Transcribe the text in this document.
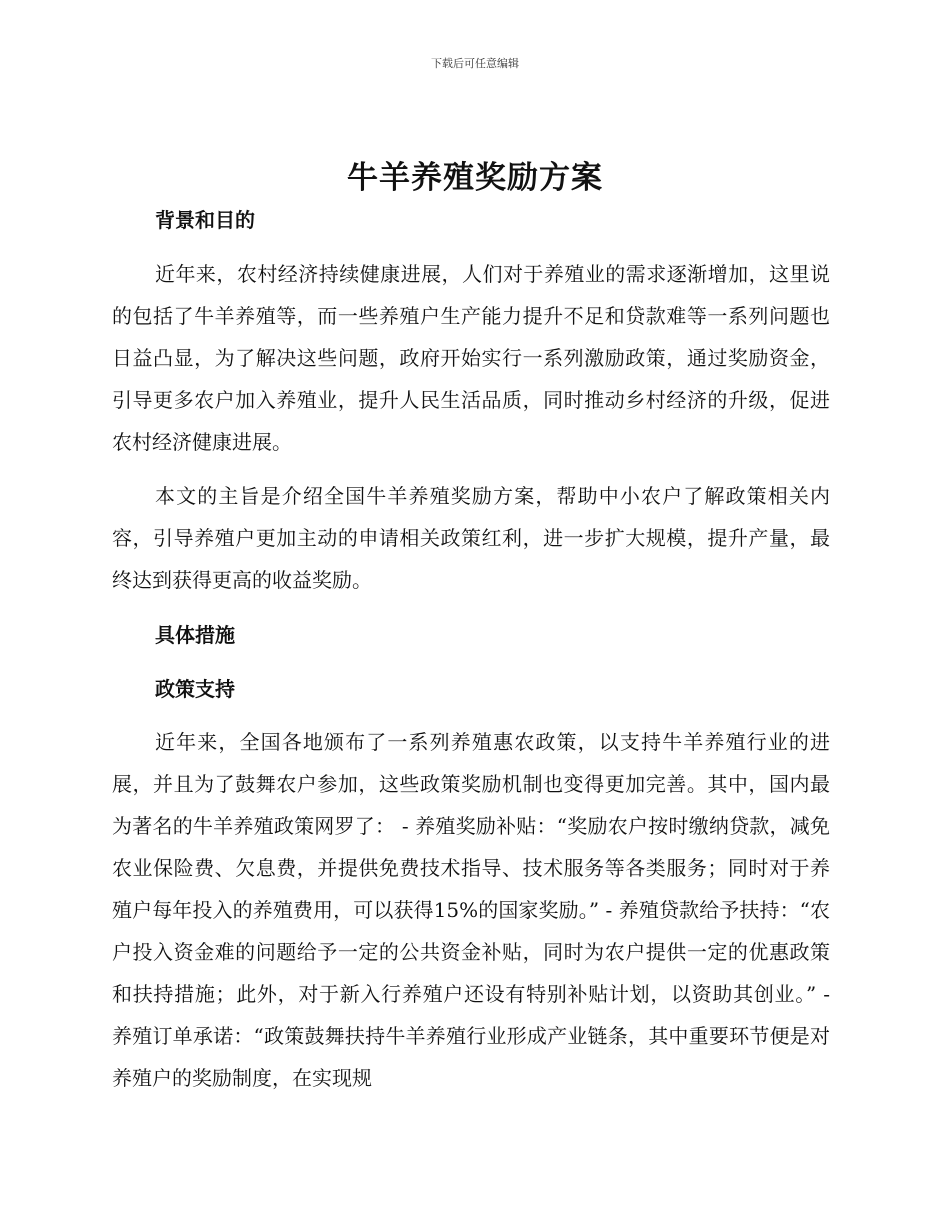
下载后可任意编辑
牛羊养殖奖励方案
背景和目的

近年来，农村经济持续健康进展，人们对于养殖业的需求逐渐增加，这里说的包括了牛羊养殖等，而一些养殖户生产能力提升不足和贷款难等一系列问题也日益凸显，为了解决这些问题，政府开始实行一系列激励政策，通过奖励资金，引导更多农户加入养殖业，提升人民生活品质，同时推动乡村经济的升级，促进农村经济健康进展。

本文的主旨是介绍全国牛羊养殖奖励方案，帮助中小农户了解政策相关内容，引导养殖户更加主动的申请相关政策红利，进一步扩大规模，提升产量，最终达到获得更高的收益奖励。

具体措施
政策支持

近年来，全国各地颁布了一系列养殖惠农政策，以支持牛羊养殖行业的进展，并且为了鼓舞农户参加，这些政策奖励机制也变得更加完善。其中，国内最为著名的牛羊养殖政策网罗了： - 养殖奖励补贴：“奖励农户按时缴纳贷款，减免农业保险费、欠息费，并提供免费技术指导、技术服务等各类服务；同时对于养殖户每年投入的养殖费用，可以获得15%的国家奖励。” - 养殖贷款给予扶持：“农户投入资金难的问题给予一定的公共资金补贴，同时为农户提供一定的优惠政策和扶持措施；此外，对于新入行养殖户还设有特别补贴计划，以资助其创业。” - 养殖订单承诺：“政策鼓舞扶持牛羊养殖行业形成产业链条，其中重要环节便是对养殖户的奖励制度，在实现规
